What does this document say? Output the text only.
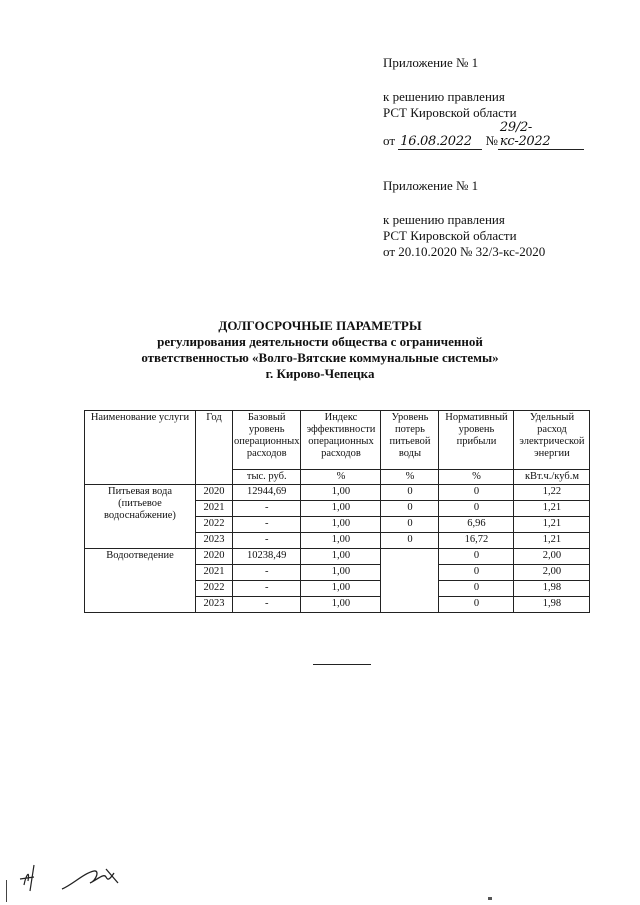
Приложение № 1
к решению правления
РСТ Кировской области
от 16.08.2022 №29/2-кс-2022
Приложение № 1
к решению правления
РСТ Кировской области
от 20.10.2020 № 32/3-кс-2020
ДОЛГОСРОЧНЫЕ ПАРАМЕТРЫ
регулирования деятельности общества с ограниченной
ответственностью «Волго-Вятские коммунальные системы»
г. Кирово-Чепецка
Наименование услуги	Год	Базовый уровень операционных расходов	Индекс эффективности операционных расходов	Уровень потерь питьевой воды	Нормативный уровень прибыли	Удельный расход электрической энергии
		тыс. руб.	%	%	%	кВт.ч./куб.м
Питьевая вода (питьевое водоснабжение)	2020	12944,69	1,00	0	0	1,22
	2021	-	1,00	0	0	1,21
	2022	-	1,00	0	6,96	1,21
	2023	-	1,00	0	16,72	1,21
Водоотведение	2020	10238,49	1,00		0	2,00
	2021	-	1,00		0	2,00
	2022	-	1,00		0	1,98
	2023	-	1,00		0	1,98
